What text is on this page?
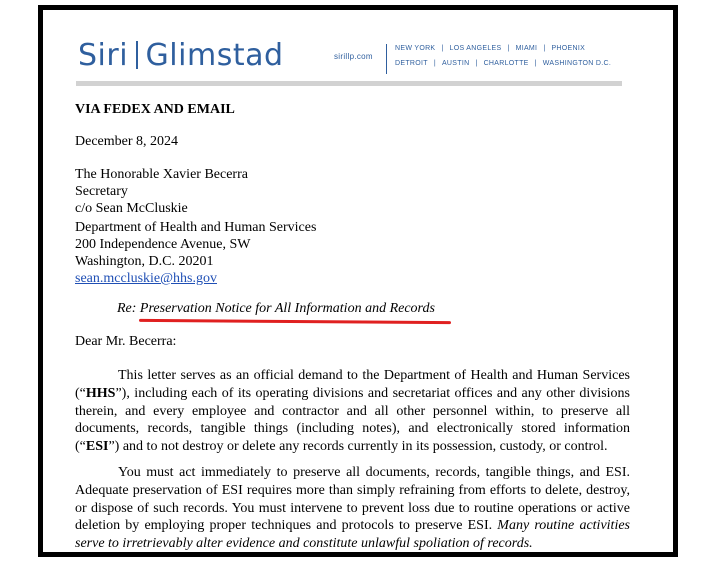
Siri Glimstad	sirillp.com
NEW YORK | LOS ANGELES | MIAMI | PHOENIX
DETROIT | AUSTIN | CHARLOTTE | WASHINGTON D.C.
VIA FEDEX AND EMAIL
December 8, 2024
The Honorable Xavier Becerra
Secretary
c/o Sean McCluskie
Department of Health and Human Services
200 Independence Avenue, SW
Washington, D.C. 20201
sean.mccluskie@hhs.gov
Re: Preservation Notice for All Information and Records
Dear Mr. Becerra:
This letter serves as an official demand to the Department of Health and Human Services
(“HHS”), including each of its operating divisions and secretariat offices and any other divisions
therein, and every employee and contractor and all other personnel within, to preserve all
documents, records, tangible things (including notes), and electronically stored information
(“ESI”) and to not destroy or delete any records currently in its possession, custody, or control.
You must act immediately to preserve all documents, records, tangible things, and ESI.
Adequate preservation of ESI requires more than simply refraining from efforts to delete, destroy,
or dispose of such records. You must intervene to prevent loss due to routine operations or active
deletion by employing proper techniques and protocols to preserve ESI. Many routine activities
serve to irretrievably alter evidence and constitute unlawful spoliation of records.
